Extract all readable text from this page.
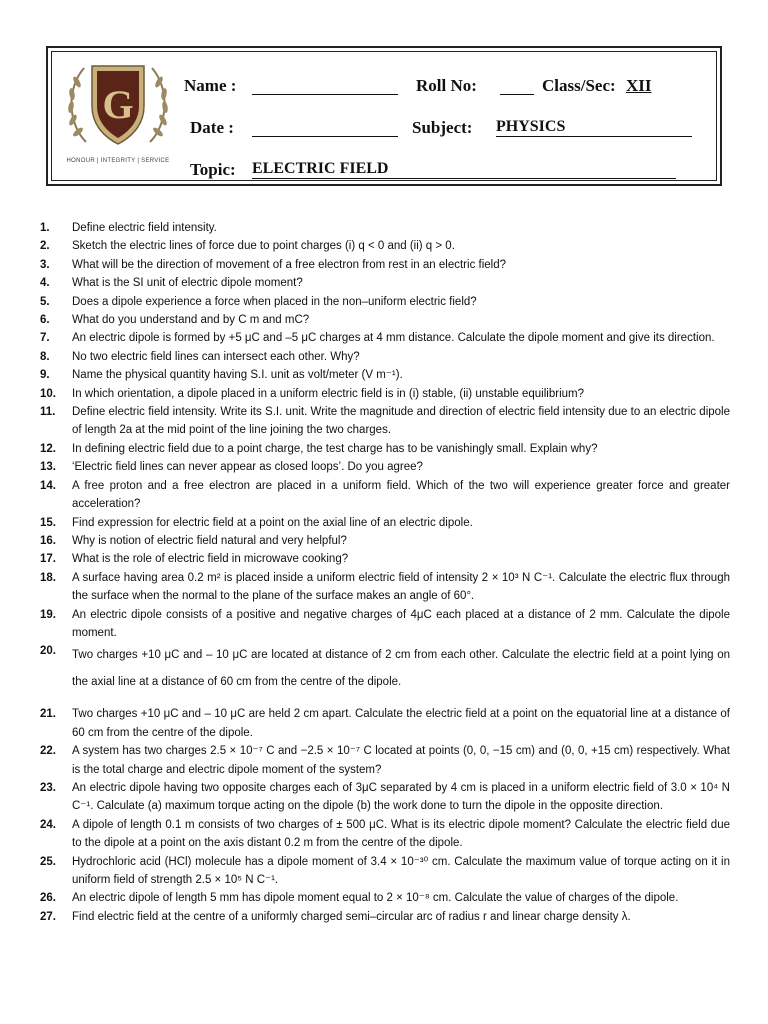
G
HONOUR | INTEGRITY | SERVICE
Name :	Roll No:	Class/Sec: XII
Date :	Subject: PHYSICS
Topic: ELECTRIC FIELD
1.	Define electric field intensity.
2.	Sketch the electric lines of force due to point charges (i) q < 0 and (ii) q > 0.
3.	What will be the direction of movement of a free electron from rest in an electric field?
4.	What is the SI unit of electric dipole moment?
5.	Does a dipole experience a force when placed in the non–uniform electric field?
6.	What do you understand and by C m and mC?
7.	An electric dipole is formed by +5 μC and –5 μC charges at 4 mm distance. Calculate the dipole moment and give its direction.
8.	No two electric field lines can intersect each other. Why?
9.	Name the physical quantity having S.I. unit as volt/meter (V m⁻¹).
10.	In which orientation, a dipole placed in a uniform electric field is in (i) stable, (ii) unstable equilibrium?
11.	Define electric field intensity. Write its S.I. unit. Write the magnitude and direction of electric field intensity due to an electric dipole of length 2a at the mid point of the line joining the two charges.
12.	In defining electric field due to a point charge, the test charge has to be vanishingly small. Explain why?
13.	‘Electric field lines can never appear as closed loops’. Do you agree?
14.	A free proton and a free electron are placed in a uniform field. Which of the two will experience greater force and greater acceleration?
15.	Find expression for electric field at a point on the axial line of an electric dipole.
16.	Why is notion of electric field natural and very helpful?
17.	What is the role of electric field in microwave cooking?
18.	A surface having area 0.2 m² is placed inside a uniform electric field of intensity 2 × 10³ N C⁻¹. Calculate the electric flux through the surface when the normal to the plane of the surface makes an angle of 60°.
19.	An electric dipole consists of a positive and negative charges of 4μC each placed at a distance of 2 mm. Calculate the dipole moment.
20.	Two charges +10 μC and – 10 μC are located at distance of 2 cm from each other. Calculate the electric field at a point lying on the axial line at a distance of 60 cm from the centre of the dipole.
21.	Two charges +10 μC and – 10 μC are held 2 cm apart. Calculate the electric field at a point on the equatorial line at a distance of 60 cm from the centre of the dipole.
22.	A system has two charges 2.5 × 10⁻⁷ C and −2.5 × 10⁻⁷ C located at points (0, 0, −15 cm) and (0, 0, +15 cm) respectively. What is the total charge and electric dipole moment of the system?
23.	An electric dipole having two opposite charges each of 3μC separated by 4 cm is placed in a uniform electric field of 3.0 × 10⁴ N C⁻¹. Calculate (a) maximum torque acting on the dipole (b) the work done to turn the dipole in the opposite direction.
24.	A dipole of length 0.1 m consists of two charges of ± 500 μC. What is its electric dipole moment? Calculate the electric field due to the dipole at a point on the axis distant 0.2 m from the centre of the dipole.
25.	Hydrochloric acid (HCl) molecule has a dipole moment of 3.4 × 10⁻³⁰ cm. Calculate the maximum value of torque acting on it in uniform field of strength 2.5 × 10⁵ N C⁻¹.
26.	An electric dipole of length 5 mm has dipole moment equal to 2 × 10⁻⁸ cm. Calculate the value of charges of the dipole.
27.	Find electric field at the centre of a uniformly charged semi–circular arc of radius r and linear charge density λ.
